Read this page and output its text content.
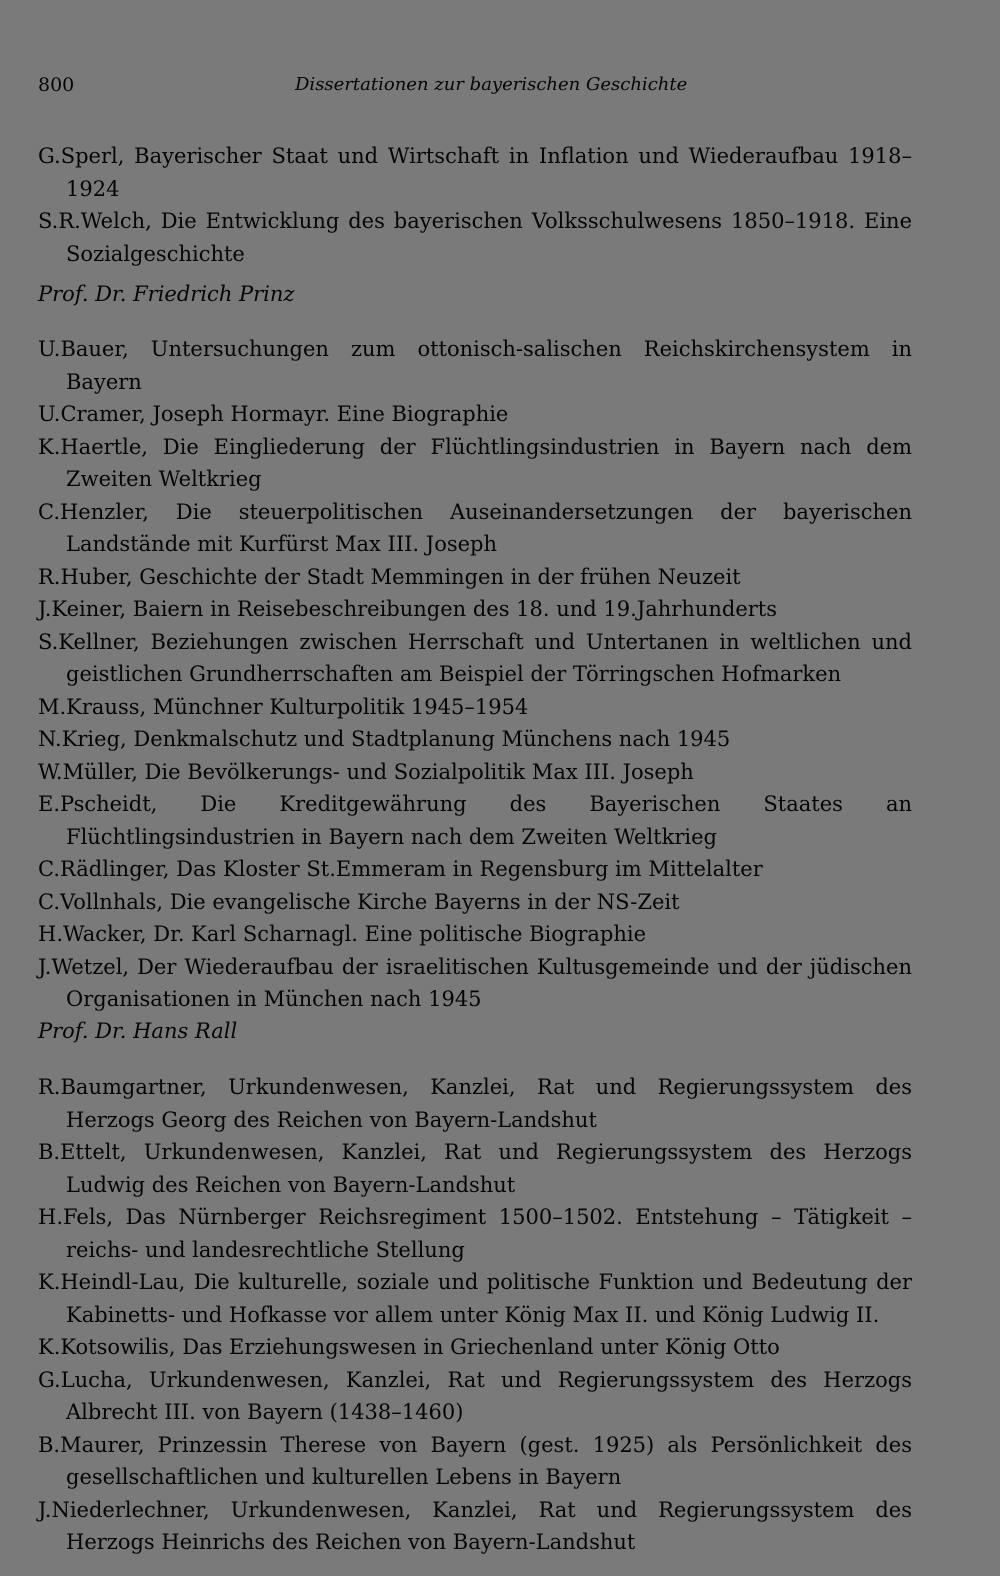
800	Dissertationen zur bayerischen Geschichte

G.Sperl, Bayerischer Staat und Wirtschaft in Inflation und Wiederaufbau 1918–1924

S.R.Welch, Die Entwicklung des bayerischen Volksschulwesens 1850–1918. Eine Sozialgeschichte

Prof. Dr. Friedrich Prinz

U.Bauer, Untersuchungen zum ottonisch-salischen Reichskirchensystem in Bayern

U.Cramer, Joseph Hormayr. Eine Biographie

K.Haertle, Die Eingliederung der Flüchtlingsindustrien in Bayern nach dem Zweiten Weltkrieg

C.Henzler, Die steuerpolitischen Auseinandersetzungen der bayerischen Landstände mit Kurfürst Max III. Joseph

R.Huber, Geschichte der Stadt Memmingen in der frühen Neuzeit

J.Keiner, Baiern in Reisebeschreibungen des 18. und 19.Jahrhunderts

S.Kellner, Beziehungen zwischen Herrschaft und Untertanen in weltlichen und geistlichen Grundherrschaften am Beispiel der Törringschen Hofmarken

M.Krauss, Münchner Kulturpolitik 1945–1954

N.Krieg, Denkmalschutz und Stadtplanung Münchens nach 1945

W.Müller, Die Bevölkerungs- und Sozialpolitik Max III. Joseph

E.Pscheidt, Die Kreditgewährung des Bayerischen Staates an Flüchtlingsindustrien in Bayern nach dem Zweiten Weltkrieg

C.Rädlinger, Das Kloster St.Emmeram in Regensburg im Mittelalter

C.Vollnhals, Die evangelische Kirche Bayerns in der NS-Zeit

H.Wacker, Dr. Karl Scharnagl. Eine politische Biographie

J.Wetzel, Der Wiederaufbau der israelitischen Kultusgemeinde und der jüdischen Organisationen in München nach 1945

Prof. Dr. Hans Rall

R.Baumgartner, Urkundenwesen, Kanzlei, Rat und Regierungssystem des Herzogs Georg des Reichen von Bayern-Landshut

B.Ettelt, Urkundenwesen, Kanzlei, Rat und Regierungssystem des Herzogs Ludwig des Reichen von Bayern-Landshut

H.Fels, Das Nürnberger Reichsregiment 1500–1502. Entstehung – Tätigkeit – reichs- und landesrechtliche Stellung

K.Heindl-Lau, Die kulturelle, soziale und politische Funktion und Bedeutung der Kabinetts- und Hofkasse vor allem unter König Max II. und König Ludwig II.

K.Kotsowilis, Das Erziehungswesen in Griechenland unter König Otto

G.Lucha, Urkundenwesen, Kanzlei, Rat und Regierungssystem des Herzogs Albrecht III. von Bayern (1438–1460)

B.Maurer, Prinzessin Therese von Bayern (gest. 1925) als Persönlichkeit des gesellschaftlichen und kulturellen Lebens in Bayern

J.Niederlechner, Urkundenwesen, Kanzlei, Rat und Regierungssystem des Herzogs Heinrichs des Reichen von Bayern-Landshut
